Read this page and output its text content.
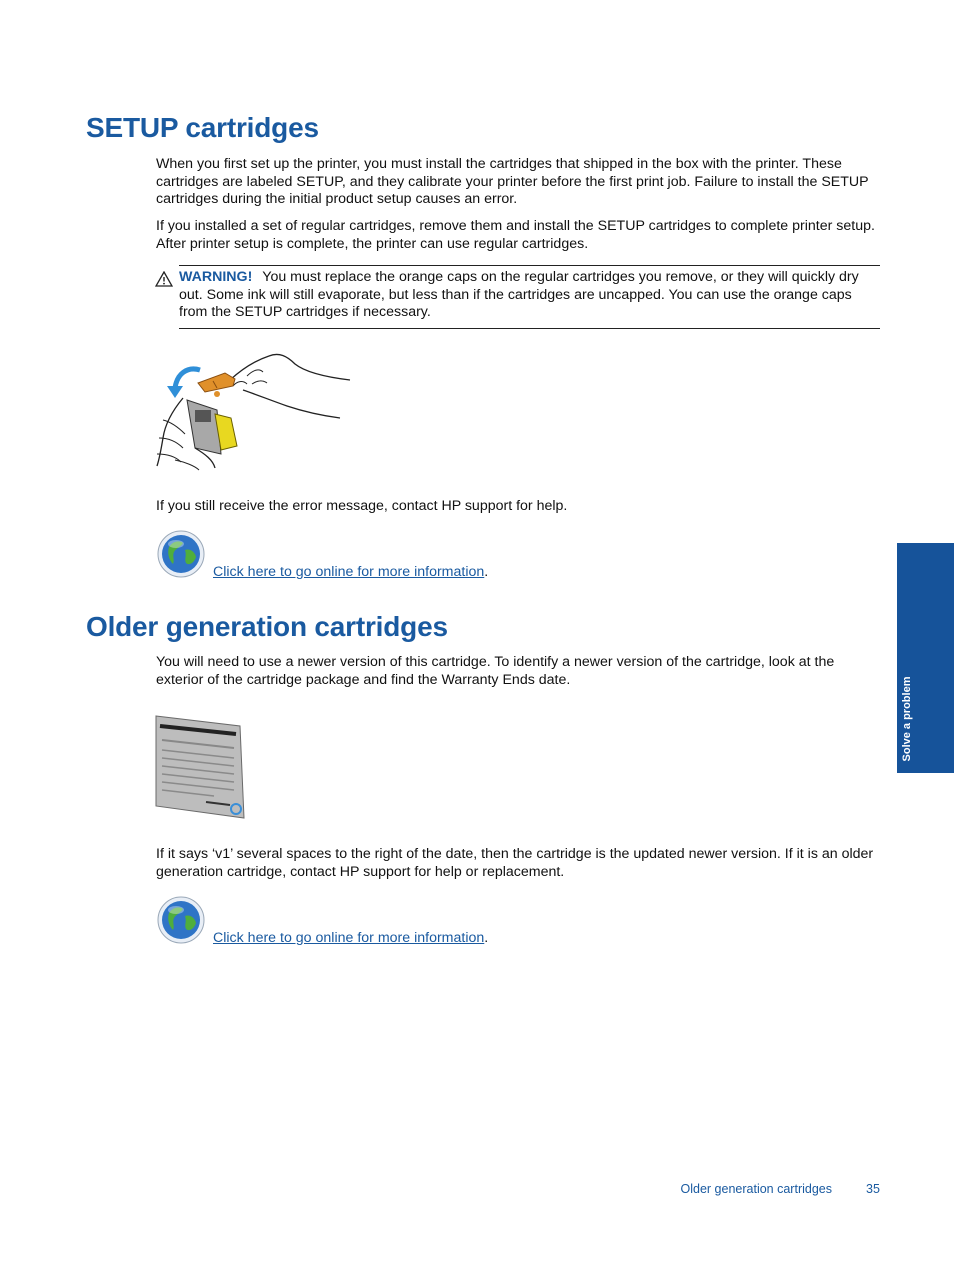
SETUP cartridges

When you first set up the printer, you must install the cartridges that shipped in the box with the printer. These cartridges are labeled SETUP, and they calibrate your printer before the first print job. Failure to install the SETUP cartridges during the initial product setup causes an error.

If you installed a set of regular cartridges, remove them and install the SETUP cartridges to complete printer setup. After printer setup is complete, the printer can use regular cartridges.

WARNING! You must replace the orange caps on the regular cartridges you remove, or they will quickly dry out. Some ink will still evaporate, but less than if the cartridges are uncapped. You can use the orange caps from the SETUP cartridges if necessary.

If you still receive the error message, contact HP support for help.

Click here to go online for more information.
Older generation cartridges

You will need to use a newer version of this cartridge. To identify a newer version of the cartridge, look at the exterior of the cartridge package and find the Warranty Ends date.

If it says ‘v1’ several spaces to the right of the date, then the cartridge is the updated newer version. If it is an older generation cartridge, contact HP support for help or replacement.

Click here to go online for more information.
Solve a problem
Older generation cartridges	35
